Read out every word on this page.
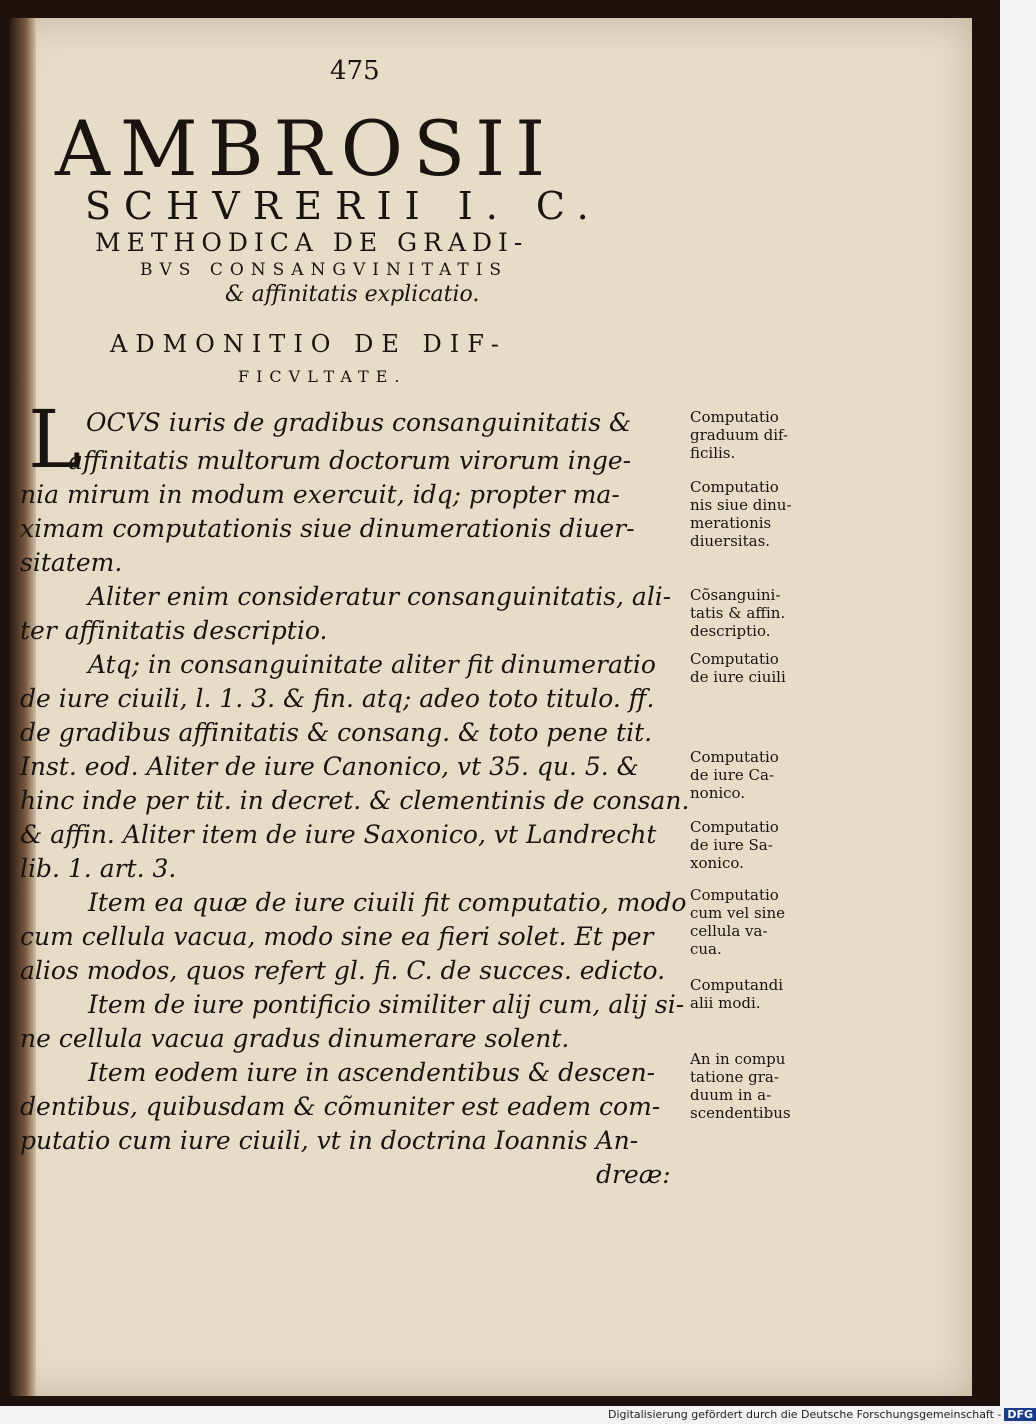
475
AMBROSII
SCHVRERII I. C.
METHODICA DE GRADI-
BVS CONSANGVINITATIS
& affinitatis explicatio.
ADMONITIO DE DIF-
FICVLTATE.
L OCVS iuris de gradibus consanguinitatis &
affinitatis multorum doctorum virorum inge-
nia mirum in modum exercuit, idq; propter ma-
ximam computationis siue dinumerationis diuer-
sitatem.
Aliter enim consideratur consanguinitatis, ali-
ter affinitatis descriptio.
Atq; in consanguinitate aliter fit dinumeratio
de iure ciuili, l. 1. 3. & fin. atq; adeo toto titulo. ff.
de gradibus affinitatis & consang. & toto pene tit.
Inst. eod. Aliter de iure Canonico, vt 35. qu. 5. &
hinc inde per tit. in decret. & clementinis de consan.
& affin. Aliter item de iure Saxonico, vt Landrecht
lib. 1. art. 3.
Item ea quæ de iure ciuili fit computatio, modo
cum cellula vacua, modo sine ea fieri solet. Et per
alios modos, quos refert gl. fi. C. de succes. edicto.
Item de iure pontificio similiter alij cum, alij si-
ne cellula vacua gradus dinumerare solent.
Item eodem iure in ascendentibus & descen-
dentibus, quibusdam & cõmuniter est eadem com-
putatio cum iure ciuili, vt in doctrina Ioannis An-
dreæ:
Computatio
graduum dif-
ficilis.
Computatio
nis siue dinu-
merationis
diuersitas.
Cõsanguini-
tatis & affin.
descriptio.
Computatio
de iure ciuili
Computatio
de iure Ca-
nonico.
Computatio
de iure Sa-
xonico.
Computatio
cum vel sine
cellula va-
cua.
Computandi
alii modi.
An in compu
tatione gra-
duum in a-
scendentibus
Digitalisierung gefördert durch die Deutsche Forschungsgemeinschaft - DFG
